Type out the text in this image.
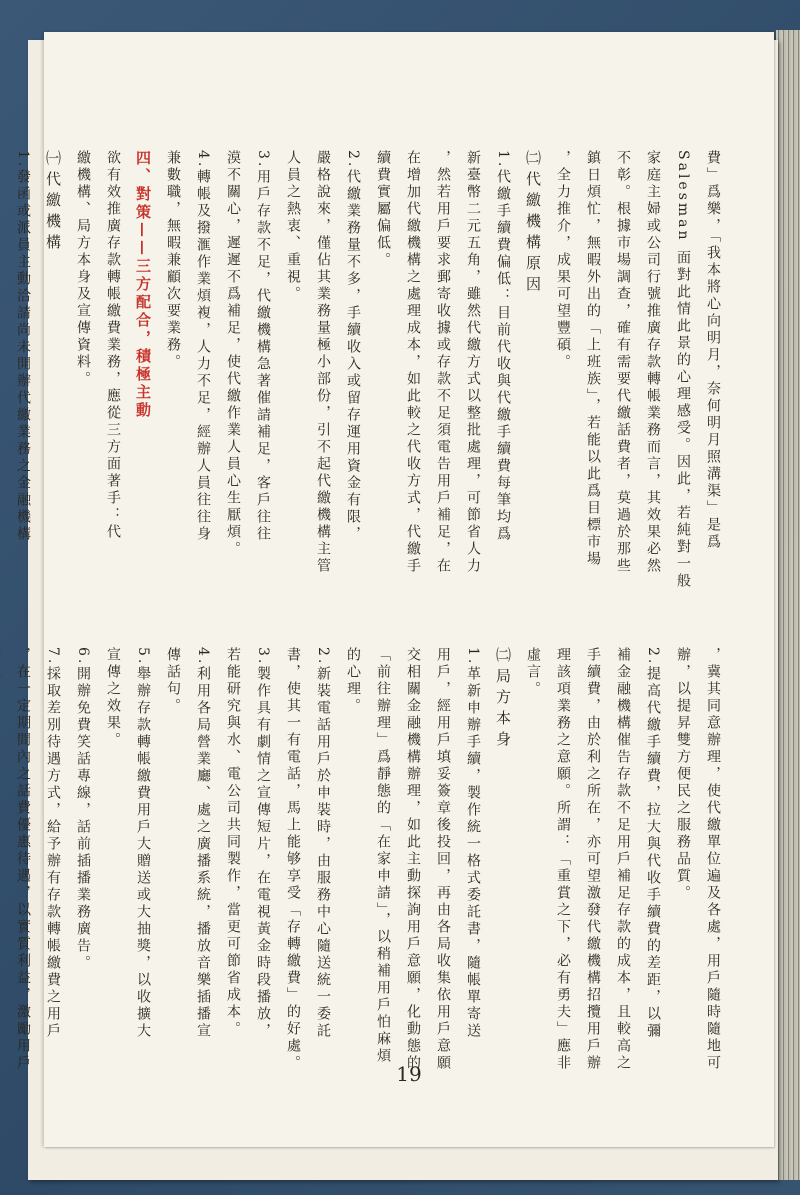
費」爲樂，「我本將心向明月，奈何明月照溝渠」是爲
Salesman 面對此情此景的心理感受。因此，若純對一般
家庭主婦或公司行號推廣存款轉帳業務而言，其效果必然
不彰。根據市場調查，確有需要代繳話費者，莫過於那些
鎮日煩忙，無暇外出的「上班族」，若能以此爲目標市場
，全力推介，成果可望豐碩。
㈡代繳機構原因
1.代繳手續費偏低：目前代收與代繳手續費每筆均爲
新臺幣二元五角，雖然代繳方式以整批處理，可節省人力
，然若用戶要求郵寄收據或存款不足須電告用戶補足，在
在增加代繳機構之處理成本，如此較之代收方式，代繳手
續費實屬偏低。
2.代繳業務量不多，手續收入或留存運用資金有限，
嚴格說來，僅佔其業務量極小部份，引不起代繳機構主管
人員之熱衷、重視。
3.用戶存款不足，代繳機構急著催請補足，客戶往往
漠不關心，遲遲不爲補足，使代繳作業人員心生厭煩。
4.轉帳及撥滙作業煩複，人力不足，經辦人員往往身
兼數職，無暇兼顧次要業務。
四、對策——三方配合，積極主動
欲有效推廣存款轉帳繳費業務，應從三方面著手：代
繳機構、局方本身及宣傳資料。
㈠代繳機構
1.發函或派員主動洽請尚未開辦代繳業務之金融機構
，冀其同意辦理，使代繳單位遍及各處，用戶隨時隨地可
辦，以提昇雙方便民之服務品質。
2.提高代繳手續費，拉大與代收手續費的差距，以彌
補金融機構催告存款不足用戶補足存款的成本，且較高之
手續費，由於利之所在，亦可望激發代繳機構招攬用戶辦
理該項業務之意願。所謂：「重賞之下，必有勇夫」應非
虛言。
㈡局方本身
1.革新申辦手續，製作統一格式委託書，隨帳單寄送
用戶，經用戶填妥簽章後投回，再由各局收集依用戶意願
交相關金融機構辦理，如此主動探詢用戶意願，化動態的
「前往辦理」爲靜態的「在家申請」，以稍補用戶怕麻煩
的心理。
2.新裝電話用戶於申裝時，由服務中心隨送統一委託
書，使其一有電話，馬上能够享受「存轉繳費」的好處。
3.製作具有劇情之宣傳短片，在電視黃金時段播放，
若能研究與水、電公司共同製作，當更可節省成本。
4.利用各局營業廳、處之廣播系統，播放音樂插播宣
傳話句。
5.舉辦存款轉帳繳費用戶大贈送或大抽獎，以收擴大
宣傳之效果。
6.開辦免費笑話專線，話前插播業務廣告。
7.採取差別待遇方式，給予辦有存款轉帳繳費之用戶
，在一定期間內之話費優惠待遇，以實質利益，激勵用戶
19
